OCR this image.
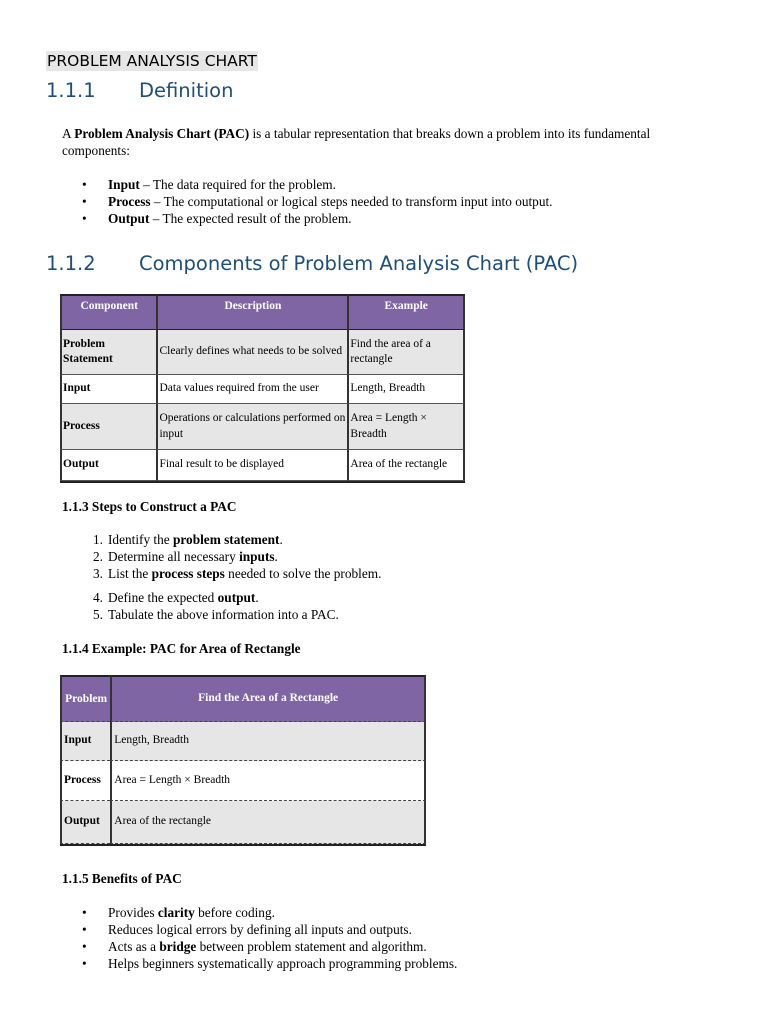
PROBLEM ANALYSIS CHART
1.1.1 Definition
A Problem Analysis Chart (PAC) is a tabular representation that breaks down a problem into its fundamental components:
• Input – The data required for the problem.
• Process – The computational or logical steps needed to transform input into output.
• Output – The expected result of the problem.
1.1.2 Components of Problem Analysis Chart (PAC)
Component	Description	Example
Problem Statement	Clearly defines what needs to be solved	Find the area of a rectangle
Input	Data values required from the user	Length, Breadth
Process	Operations or calculations performed on input	Area = Length × Breadth
Output	Final result to be displayed	Area of the rectangle
1.1.3 Steps to Construct a PAC
1. Identify the problem statement.
2. Determine all necessary inputs.
3. List the process steps needed to solve the problem.
4. Define the expected output.
5. Tabulate the above information into a PAC.
1.1.4 Example: PAC for Area of Rectangle
Problem	Find the Area of a Rectangle
Input	Length, Breadth
Process	Area = Length × Breadth
Output	Area of the rectangle
1.1.5 Benefits of PAC
• Provides clarity before coding.
• Reduces logical errors by defining all inputs and outputs.
• Acts as a bridge between problem statement and algorithm.
• Helps beginners systematically approach programming problems.
